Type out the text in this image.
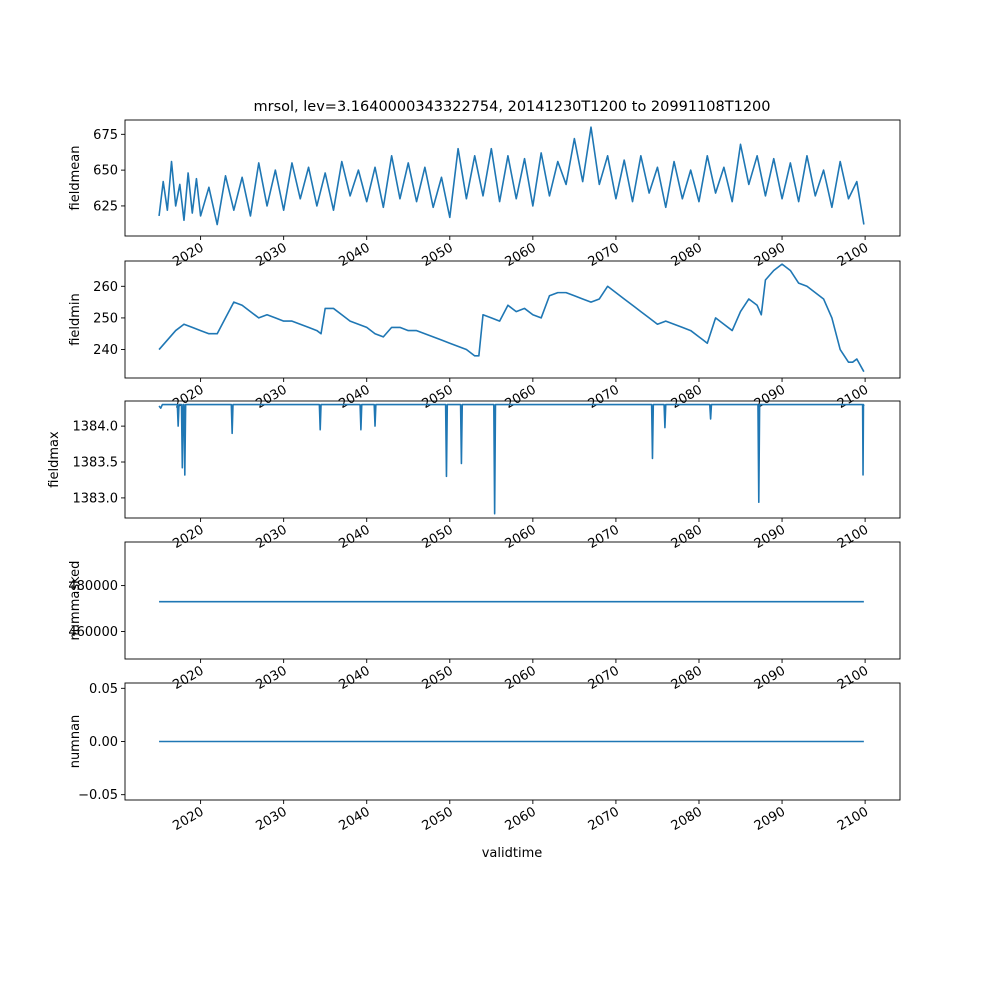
mrsol, lev=3.1640000343322754, 20141230T1200 to 20991108T1200
625
650
675
fieldmean
2020	2030	2040	2050	2060	2070	2080	2090	2100
240
250
260
fieldmin
2020	2030	2040	2050	2060	2070	2080	2090	2100
1383.0
1383.5
1384.0
fieldmax
2020	2030	2040	2050	2060	2070	2080	2090	2100
460000
480000
nummasked
2020	2030	2040	2050	2060	2070	2080	2090	2100
−0.05
0.00
0.05
numnan
2020	2030	2040	2050	2060	2070	2080	2090	2100
validtime
